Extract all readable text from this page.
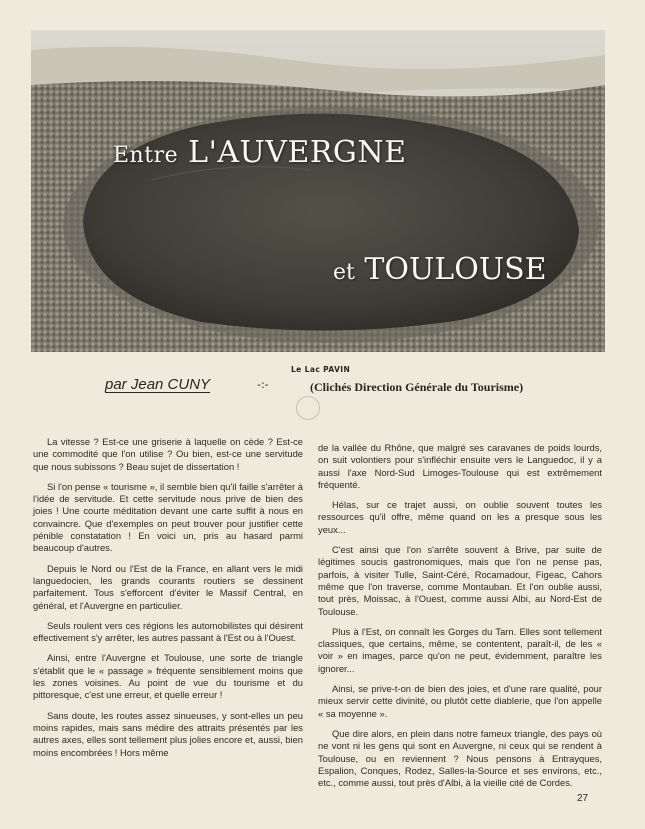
Entre L'AUVERGNE
et TOULOUSE
Le Lac PAVIN
par Jean CUNY	-:-	(Clichés Direction Générale du Tourisme)

La vitesse ? Est-ce une griserie à laquelle on cède ? Est-ce une commodité que l'on utilise ? Ou bien, est-ce une servitude que nous subissons ? Beau sujet de dissertation !

Si l'on pense « tourisme », il semble bien qu'il faille s'arrêter à l'idée de servitude. Et cette servitude nous prive de bien des joies ! Une courte méditation devant une carte suffit à nous en convaincre. Que d'exemples on peut trouver pour justifier cette pénible constatation ! En voici un, pris au hasard parmi beaucoup d'autres.

Depuis le Nord ou l'Est de la France, en allant vers le midi languedocien, les grands courants routiers se dessinent parfaitement. Tous s'efforcent d'éviter le Massif Central, en général, et l'Auvergne en particulier.

Seuls roulent vers ces régions les automobilistes qui désirent effectivement s'y arrêter, les autres passant à l'Est ou à l'Ouest.

Ainsi, entre l'Auvergne et Toulouse, une sorte de triangle s'établit que le « passage » fréquente sensiblement moins que les zones voisines. Au point de vue du tourisme et du pittoresque, c'est une erreur, et quelle erreur !

Sans doute, les routes assez sinueuses, y sont-elles un peu moins rapides, mais sans médire des attraits présentés par les autres axes, elles sont tellement plus jolies encore et, aussi, bien moins encombrées ! Hors même

de la vallée du Rhône, que malgré ses caravanes de poids lourds, on suit volontiers pour s'infléchir ensuite vers le Languedoc, il y a aussi l'axe Nord-Sud Limoges-Toulouse qui est extrêmement fréquenté.

Hélas, sur ce trajet aussi, on oublie souvent toutes les ressources qu'il offre, même quand on les a presque sous les yeux...

C'est ainsi que l'on s'arrête souvent à Brive, par suite de légitimes soucis gastronomiques, mais que l'on ne pense pas, parfois, à visiter Tulle, Saint-Céré, Rocamadour, Figeac, Cahors même que l'on traverse, comme Montauban. Et l'on oublie aussi, tout près, Moissac, à l'Ouest, comme aussi Albi, au Nord-Est de Toulouse.

Plus à l'Est, on connaît les Gorges du Tarn. Elles sont tellement classiques, que certains, même, se contentent, paraît-il, de les « voir » en images, parce qu'on ne peut, évidemment, paraître les ignorer...

Ainsi, se prive-t-on de bien des joies, et d'une rare qualité, pour mieux servir cette divinité, ou plutôt cette diablerie, que l'on appelle « sa moyenne ».

Que dire alors, en plein dans notre fameux triangle, des pays où ne vont ni les gens qui sont en Auvergne, ni ceux qui se rendent à Toulouse, ou en reviennent ? Nous pensons à Entrayques, Espalion, Conques, Rodez, Salles-la-Source et ses environs, etc., etc., comme aussi, tout près d'Albi, à la vieille cité de Cordes.

27
